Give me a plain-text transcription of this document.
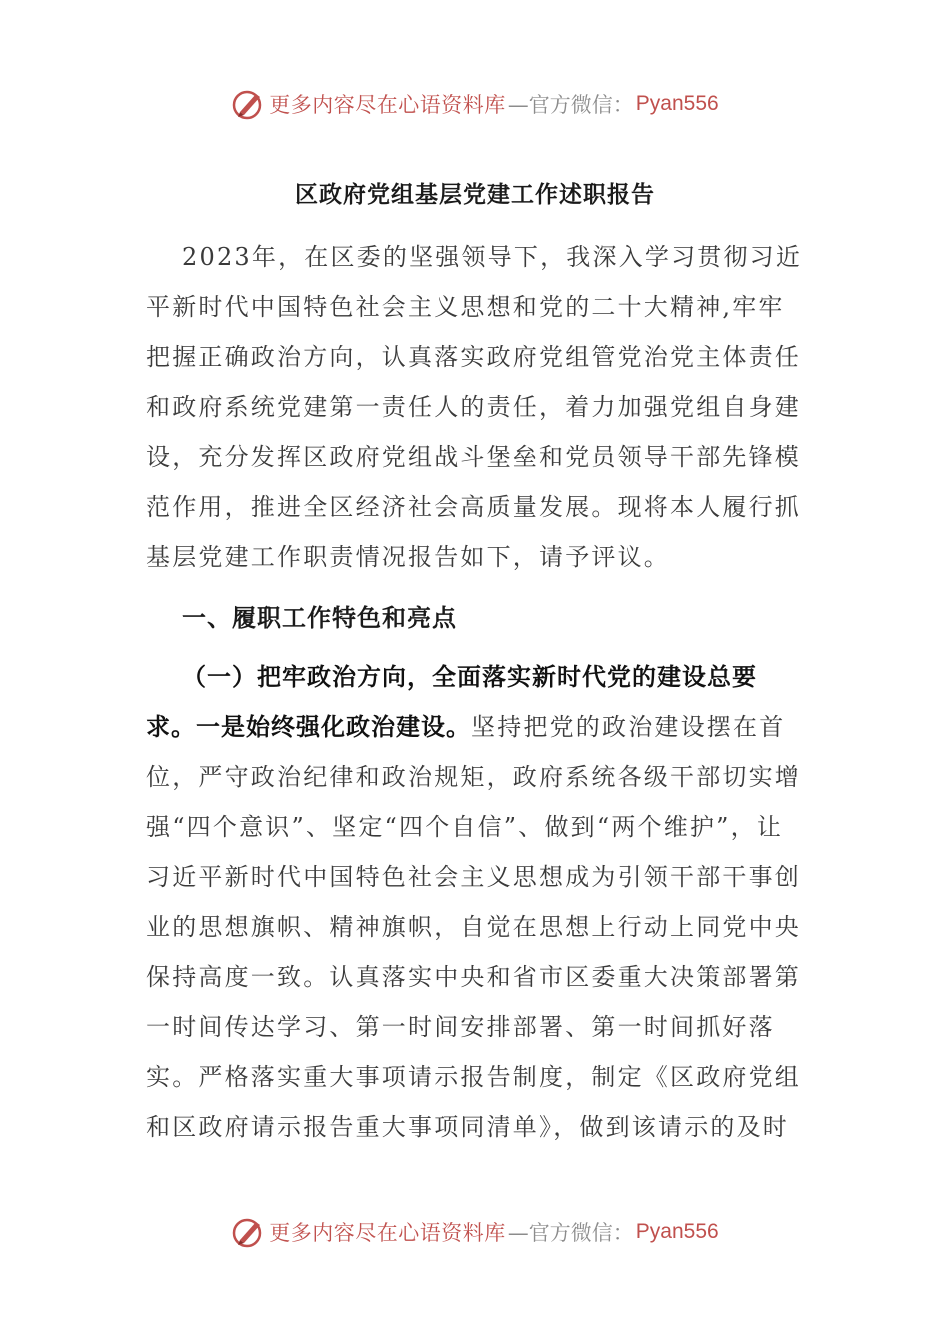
更多内容尽在心语资料库 —官方微信： Pyan556
区政府党组基层党建工作述职报告

2023年，在区委的坚强领导下，我深入学习贯彻习近平新时代中国特色社会主义思想和党的二十大精神,牢牢把握正确政治方向，认真落实政府党组管党治党主体责任和政府系统党建第一责任人的责任，着力加强党组自身建设，充分发挥区政府党组战斗堡垒和党员领导干部先锋模范作用，推进全区经济社会高质量发展。现将本人履行抓基层党建工作职责情况报告如下，请予评议。

一、履职工作特色和亮点

（一）把牢政治方向，全面落实新时代党的建设总要求。一是始终强化政治建设。坚持把党的政治建设摆在首位，严守政治纪律和政治规矩，政府系统各级干部切实增强“四个意识”、坚定“四个自信”、做到“两个维护”，让习近平新时代中国特色社会主义思想成为引领干部干事创业的思想旗帜、精神旗帜，自觉在思想上行动上同党中央保持高度一致。认真落实中央和省市区委重大决策部署第一时间传达学习、第一时间安排部署、第一时间抓好落实。严格落实重大事项请示报告制度，制定《区政府党组和区政府请示报告重大事项同清单》，做到该请示的及时

更多内容尽在心语资料库 —官方微信： Pyan556
